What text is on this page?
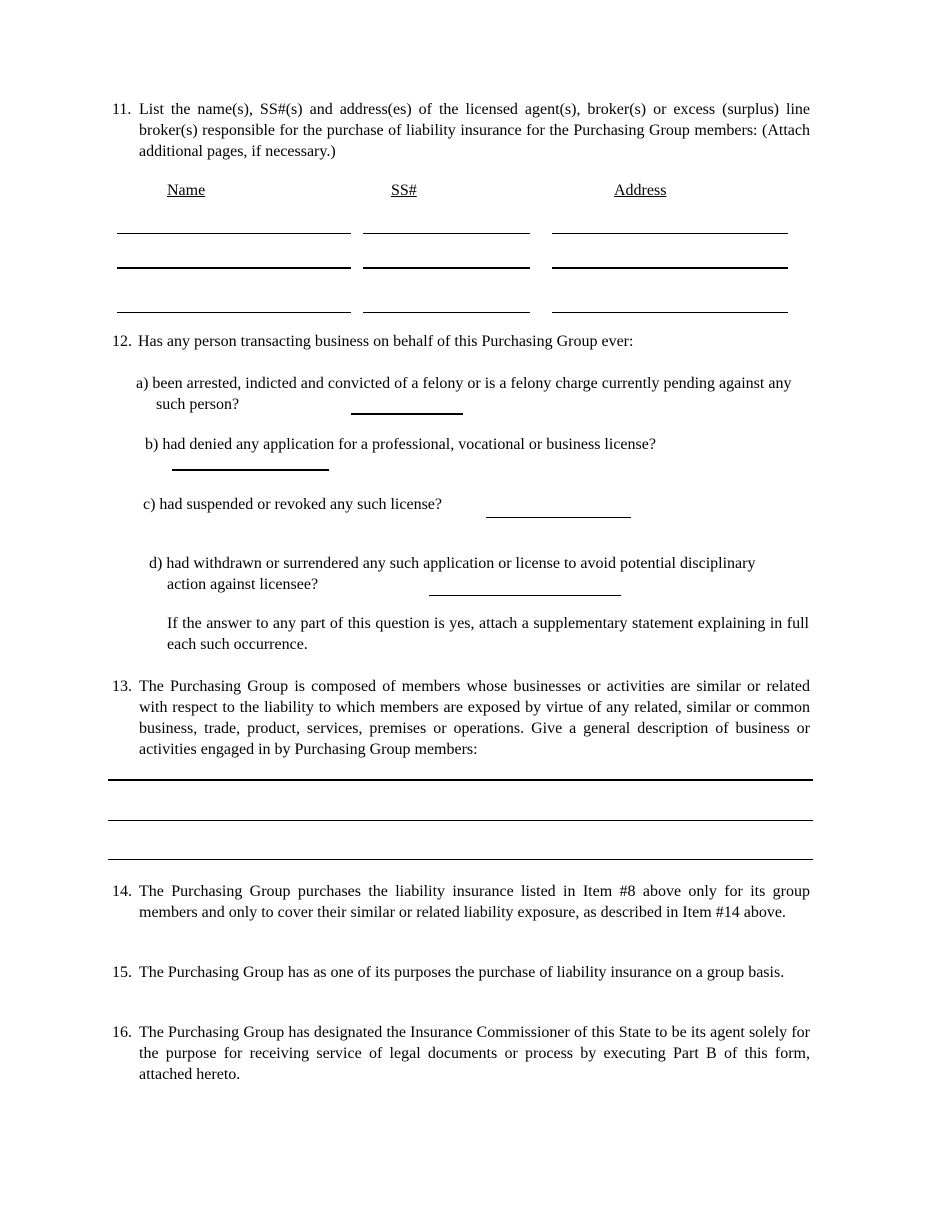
11. List the name(s), SS#(s) and address(es) of the licensed agent(s), broker(s) or excess (surplus) line broker(s) responsible for the purchase of liability insurance for the Purchasing Group members: (Attach additional pages, if necessary.)
Name	SS#	Address
12. Has any person transacting business on behalf of this Purchasing Group ever:
a) been arrested, indicted and convicted of a felony or is a felony charge currently pending against any such person?
b) had denied any application for a professional, vocational or business license?
c) had suspended or revoked any such license?
d) had withdrawn or surrendered any such application or license to avoid potential disciplinary action against licensee?
If the answer to any part of this question is yes, attach a supplementary statement explaining in full each such occurrence.
13. The Purchasing Group is composed of members whose businesses or activities are similar or related with respect to the liability to which members are exposed by virtue of any related, similar or common business, trade, product, services, premises or operations. Give a general description of business or activities engaged in by Purchasing Group members:
14. The Purchasing Group purchases the liability insurance listed in Item #8 above only for its group members and only to cover their similar or related liability exposure, as described in Item #14 above.
15. The Purchasing Group has as one of its purposes the purchase of liability insurance on a group basis.
16. The Purchasing Group has designated the Insurance Commissioner of this State to be its agent solely for the purpose for receiving service of legal documents or process by executing Part B of this form, attached hereto.
